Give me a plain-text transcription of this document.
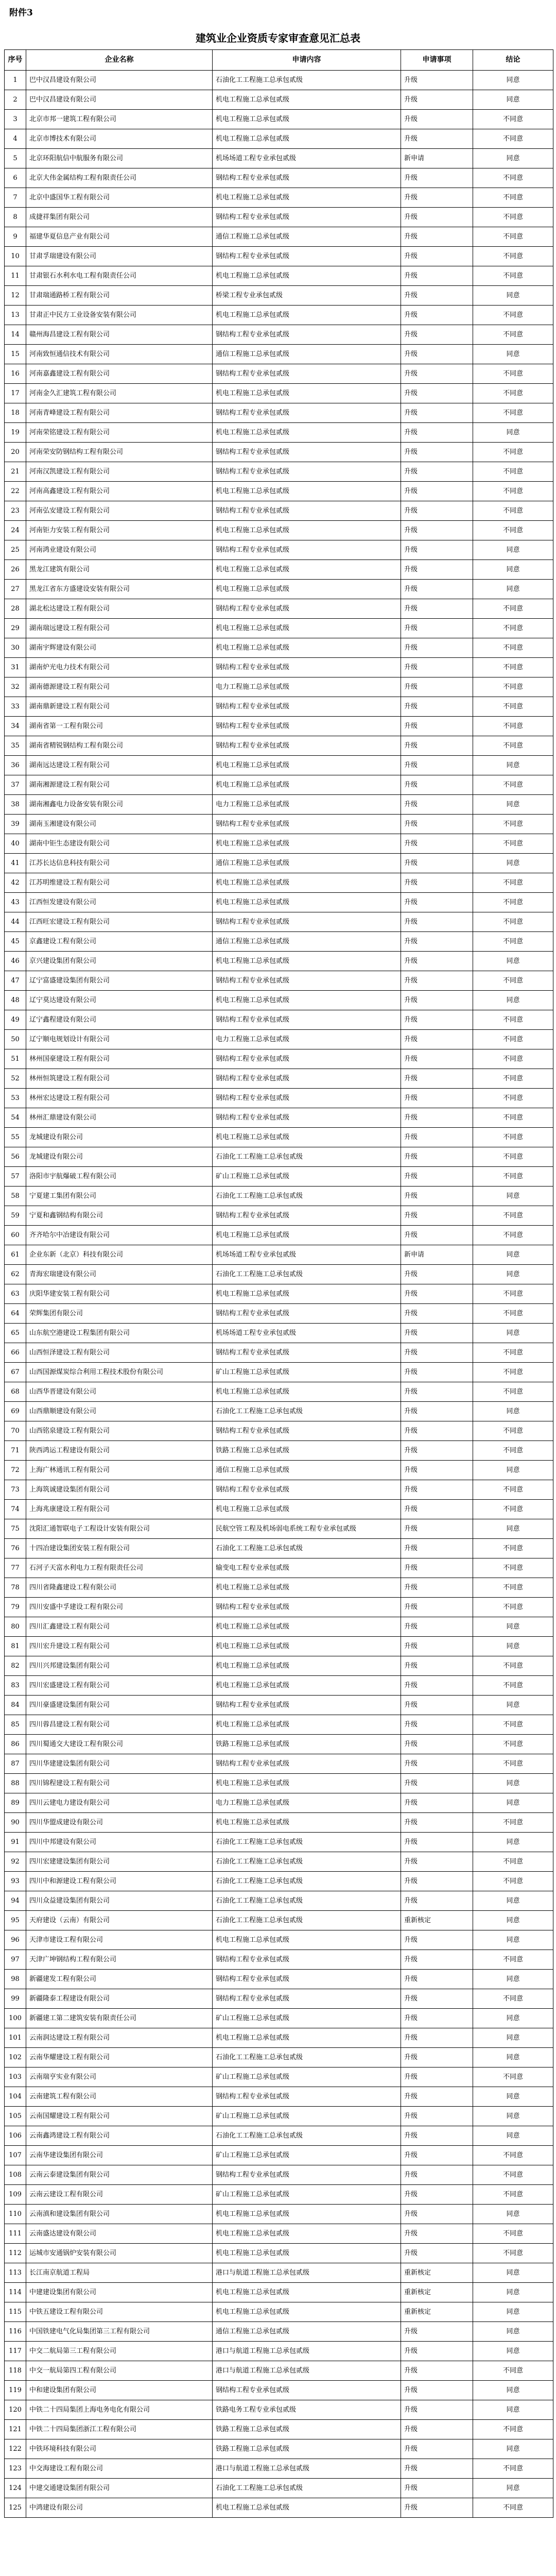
附件3
建筑业企业资质专家审查意见汇总表
序号	企业名称	申请内容	申请事项	结论
1	巴中汉昌建设有限公司	石油化工工程施工总承包贰级	升级	同意
2	巴中汉昌建设有限公司	机电工程施工总承包贰级	升级	同意
3	北京市邦一建筑工程有限公司	机电工程施工总承包贰级	升级	不同意
4	北京市博技术有限公司	机电工程施工总承包贰级	升级	不同意
5	北京环阳航信中航服务有限公司	机场场道工程专业承包贰级	新申请	同意
6	北京大伟金属结构工程有限责任公司	钢结构工程专业承包贰级	升级	不同意
7	北京中盛国华工程有限公司	机电工程施工总承包贰级	升级	不同意
8	成捷祥集团有限公司	钢结构工程专业承包贰级	升级	不同意
9	福建华夏信息产业有限公司	通信工程施工总承包贰级	升级	不同意
10	甘肃孚瑞建设有限公司	钢结构工程专业承包贰级	升级	不同意
11	甘肃银石水利水电工程有限责任公司	机电工程施工总承包贰级	升级	不同意
12	甘肃瑞通路桥工程有限公司	桥梁工程专业承包贰级	升级	同意
13	甘肃正中民方工业设备安装有限公司	机电工程施工总承包贰级	升级	不同意
14	赣州海昌建设工程有限公司	钢结构工程专业承包贰级	升级	不同意
15	河南致恒通信技术有限公司	通信工程施工总承包贰级	升级	同意
16	河南嘉鑫建设工程有限公司	钢结构工程专业承包贰级	升级	不同意
17	河南金久汇建筑工程有限公司	机电工程施工总承包贰级	升级	不同意
18	河南青峰建设工程有限公司	钢结构工程专业承包贰级	升级	不同意
19	河南荣铭建设工程有限公司	机电工程施工总承包贰级	升级	同意
20	河南荣安防钢结构工程有限公司	钢结构工程专业承包贰级	升级	不同意
21	河南汉凯建设工程有限公司	钢结构工程专业承包贰级	升级	不同意
22	河南高鑫建设工程有限公司	机电工程施工总承包贰级	升级	不同意
23	河南弘安建设工程有限公司	钢结构工程专业承包贰级	升级	不同意
24	河南钜力安装工程有限公司	机电工程施工总承包贰级	升级	不同意
25	河南鸿业建设有限公司	钢结构工程专业承包贰级	升级	同意
26	黑龙江建筑有限公司	机电工程施工总承包贰级	升级	同意
27	黑龙江省东方盛建设安装有限公司	机电工程施工总承包贰级	升级	同意
28	湖北松达建设工程有限公司	钢结构工程专业承包贰级	升级	不同意
29	湖南瑞远建设工程有限公司	机电工程施工总承包贰级	升级	不同意
30	湖南宇辉建设有限公司	机电工程施工总承包贰级	升级	不同意
31	湖南炉光电力技术有限公司	钢结构工程专业承包贰级	升级	不同意
32	湖南德源建设工程有限公司	电力工程施工总承包贰级	升级	不同意
33	湖南鼎新建设工程有限公司	钢结构工程专业承包贰级	升级	不同意
34	湖南省第一工程有限公司	钢结构工程专业承包贰级	升级	不同意
35	湖南省精锐钢结构工程有限公司	钢结构工程专业承包贰级	升级	不同意
36	湖南远达建设工程有限公司	机电工程施工总承包贰级	升级	同意
37	湖南湘源建设工程有限公司	机电工程施工总承包贰级	升级	不同意
38	湖南湘鑫电力设备安装有限公司	电力工程施工总承包贰级	升级	同意
39	湖南玉湘建设有限公司	钢结构工程专业承包贰级	升级	不同意
40	湖南中钜生态建设有限公司	机电工程施工总承包贰级	升级	不同意
41	江苏长达信息科技有限公司	通信工程施工总承包贰级	升级	同意
42	江苏明维建设工程有限公司	机电工程施工总承包贰级	升级	不同意
43	江西恒发建设有限公司	机电工程施工总承包贰级	升级	不同意
44	江西旺宏建设工程有限公司	钢结构工程专业承包贰级	升级	不同意
45	京鑫建设工程有限公司	通信工程施工总承包贰级	升级	不同意
46	京兴建设集团有限公司	机电工程施工总承包贰级	升级	同意
47	辽宁富盛建设集团有限公司	钢结构工程专业承包贰级	升级	不同意
48	辽宁莫达建设有限公司	机电工程施工总承包贰级	升级	同意
49	辽宁鑫程建设有限公司	钢结构工程专业承包贰级	升级	不同意
50	辽宁顺电规划设计有限公司	电力工程施工总承包贰级	升级	不同意
51	林州国豪建设工程有限公司	钢结构工程专业承包贰级	升级	不同意
52	林州恒筑建设工程有限公司	钢结构工程专业承包贰级	升级	不同意
53	林州宏达建设工程有限公司	钢结构工程专业承包贰级	升级	不同意
54	林州汇鼎建设有限公司	钢结构工程专业承包贰级	升级	不同意
55	龙城建设有限公司	机电工程施工总承包贰级	升级	不同意
56	龙城建设有限公司	石油化工工程施工总承包贰级	升级	不同意
57	洛阳市宇航爆破工程有限公司	矿山工程施工总承包贰级	升级	不同意
58	宁夏建工集团有限公司	石油化工工程施工总承包贰级	升级	同意
59	宁夏和鑫钢结构有限公司	钢结构工程专业承包贰级	升级	不同意
60	齐齐哈尔中冶建设有限公司	机电工程施工总承包贰级	升级	不同意
61	企业东新（北京）科技有限公司	机场场道工程专业承包贰级	新申请	同意
62	青海宏瑞建设有限公司	石油化工工程施工总承包贰级	升级	同意
63	庆阳华建安装工程有限公司	机电工程施工总承包贰级	升级	不同意
64	荣辉集团有限公司	钢结构工程专业承包贰级	升级	不同意
65	山东航空港建设工程集团有限公司	机场场道工程专业承包贰级	升级	同意
66	山西恒泽建设工程有限公司	钢结构工程专业承包贰级	升级	不同意
67	山西国源煤炭综合利用工程技术股份有限公司	矿山工程施工总承包贰级	升级	不同意
68	山西华晋建设有限公司	机电工程施工总承包贰级	升级	不同意
69	山西鼎顺建设有限公司	石油化工工程施工总承包贰级	升级	同意
70	山西铭泉建设工程有限公司	钢结构工程专业承包贰级	升级	不同意
71	陕西鸿运工程建设有限公司	铁路工程施工总承包贰级	升级	不同意
72	上海广林通讯工程有限公司	通信工程施工总承包贰级	升级	同意
73	上海筑诚建设集团有限公司	钢结构工程专业承包贰级	升级	不同意
74	上海兆康建设工程有限公司	机电工程施工总承包贰级	升级	不同意
75	沈阳汇通智联电子工程设计安装有限公司	民航空管工程及机场弱电系统工程专业承包贰级	升级	同意
76	十四冶建设集团安装工程有限公司	石油化工工程施工总承包贰级	升级	不同意
77	石河子天富水利电力工程有限责任公司	输变电工程专业承包贰级	升级	不同意
78	四川省隆鑫建设工程有限公司	机电工程施工总承包贰级	升级	不同意
79	四川安盛中孚建设工程有限公司	钢结构工程专业承包贰级	升级	不同意
80	四川汇鑫建设工程有限公司	机电工程施工总承包贰级	升级	同意
81	四川宏升建设工程有限公司	机电工程施工总承包贰级	升级	同意
82	四川兴邦建设集团有限公司	机电工程施工总承包贰级	升级	不同意
83	四川宏盛建设工程有限公司	机电工程施工总承包贰级	升级	不同意
84	四川豪盛建设集团有限公司	钢结构工程专业承包贰级	升级	同意
85	四川蓉昌建设工程有限公司	机电工程施工总承包贰级	升级	不同意
86	四川蜀通交大建设工程有限公司	铁路工程施工总承包贰级	升级	不同意
87	四川华建建设集团有限公司	钢结构工程专业承包贰级	升级	不同意
88	四川锦程建设工程有限公司	机电工程施工总承包贰级	升级	同意
89	四川云建电力建设有限公司	电力工程施工总承包贰级	升级	同意
90	四川华盟成建设有限公司	机电工程施工总承包贰级	升级	不同意
91	四川中邦建设有限公司	石油化工工程施工总承包贰级	升级	同意
92	四川宏建建设集团有限公司	石油化工工程施工总承包贰级	升级	不同意
93	四川中和源建设工程有限公司	石油化工工程施工总承包贰级	升级	不同意
94	四川众益建设集团有限公司	石油化工工程施工总承包贰级	升级	同意
95	天府建设（云南）有限公司	石油化工工程施工总承包贰级	重新核定	同意
96	天津市建设工程有限公司	机电工程施工总承包贰级	升级	同意
97	天津广坤钢结构工程有限公司	钢结构工程专业承包贰级	升级	不同意
98	新疆建发工程有限公司	钢结构工程专业承包贰级	升级	同意
99	新疆隆泰工程建设有限公司	钢结构工程专业承包贰级	升级	不同意
100	新疆建工第二建筑安装有限责任公司	矿山工程施工总承包贰级	升级	同意
101	云南润达建设工程有限公司	机电工程施工总承包贰级	升级	同意
102	云南华耀建设工程有限公司	石油化工工程施工总承包贰级	升级	同意
103	云南瑞亨实业有限公司	矿山工程施工总承包贰级	升级	不同意
104	云南建筑工程有限公司	钢结构工程专业承包贰级	升级	同意
105	云南国耀建设工程有限公司	矿山工程施工总承包贰级	升级	同意
106	云南鑫鸿建设工程有限公司	石油化工工程施工总承包贰级	升级	同意
107	云南华建设集团有限公司	矿山工程施工总承包贰级	升级	不同意
108	云南云泰建设集团有限公司	钢结构工程专业承包贰级	升级	不同意
109	云南云建设工程有限公司	矿山工程施工总承包贰级	升级	不同意
110	云南滇和建设集团有限公司	机电工程施工总承包贰级	升级	同意
111	云南盛达建设有限公司	机电工程施工总承包贰级	升级	不同意
112	运城市安通锅炉安装有限公司	机电工程施工总承包贰级	升级	不同意
113	长江南京航道工程局	港口与航道工程施工总承包贰级	重新核定	同意
114	中建建设集团有限公司	机电工程施工总承包贰级	重新核定	同意
115	中铁五建设工程有限公司	机电工程施工总承包贰级	重新核定	同意
116	中国铁建电气化局集团第三工程有限公司	通信工程施工总承包贰级	升级	同意
117	中交二航局第三工程有限公司	港口与航道工程施工总承包贰级	升级	同意
118	中交一航局第四工程有限公司	港口与航道工程施工总承包贰级	升级	不同意
119	中和建设集团有限公司	钢结构工程专业承包贰级	升级	同意
120	中铁二十四局集团上海电务电化有限公司	铁路电务工程专业承包贰级	升级	同意
121	中铁二十四局集团浙江工程有限公司	铁路工程施工总承包贰级	升级	不同意
122	中铁环境科技有限公司	铁路工程施工总承包贰级	升级	同意
123	中交海建设工程有限公司	港口与航道工程施工总承包贰级	升级	不同意
124	中建交通建设集团有限公司	石油化工工程施工总承包贰级	升级	同意
125	中鸿建设有限公司	机电工程施工总承包贰级	升级	不同意
